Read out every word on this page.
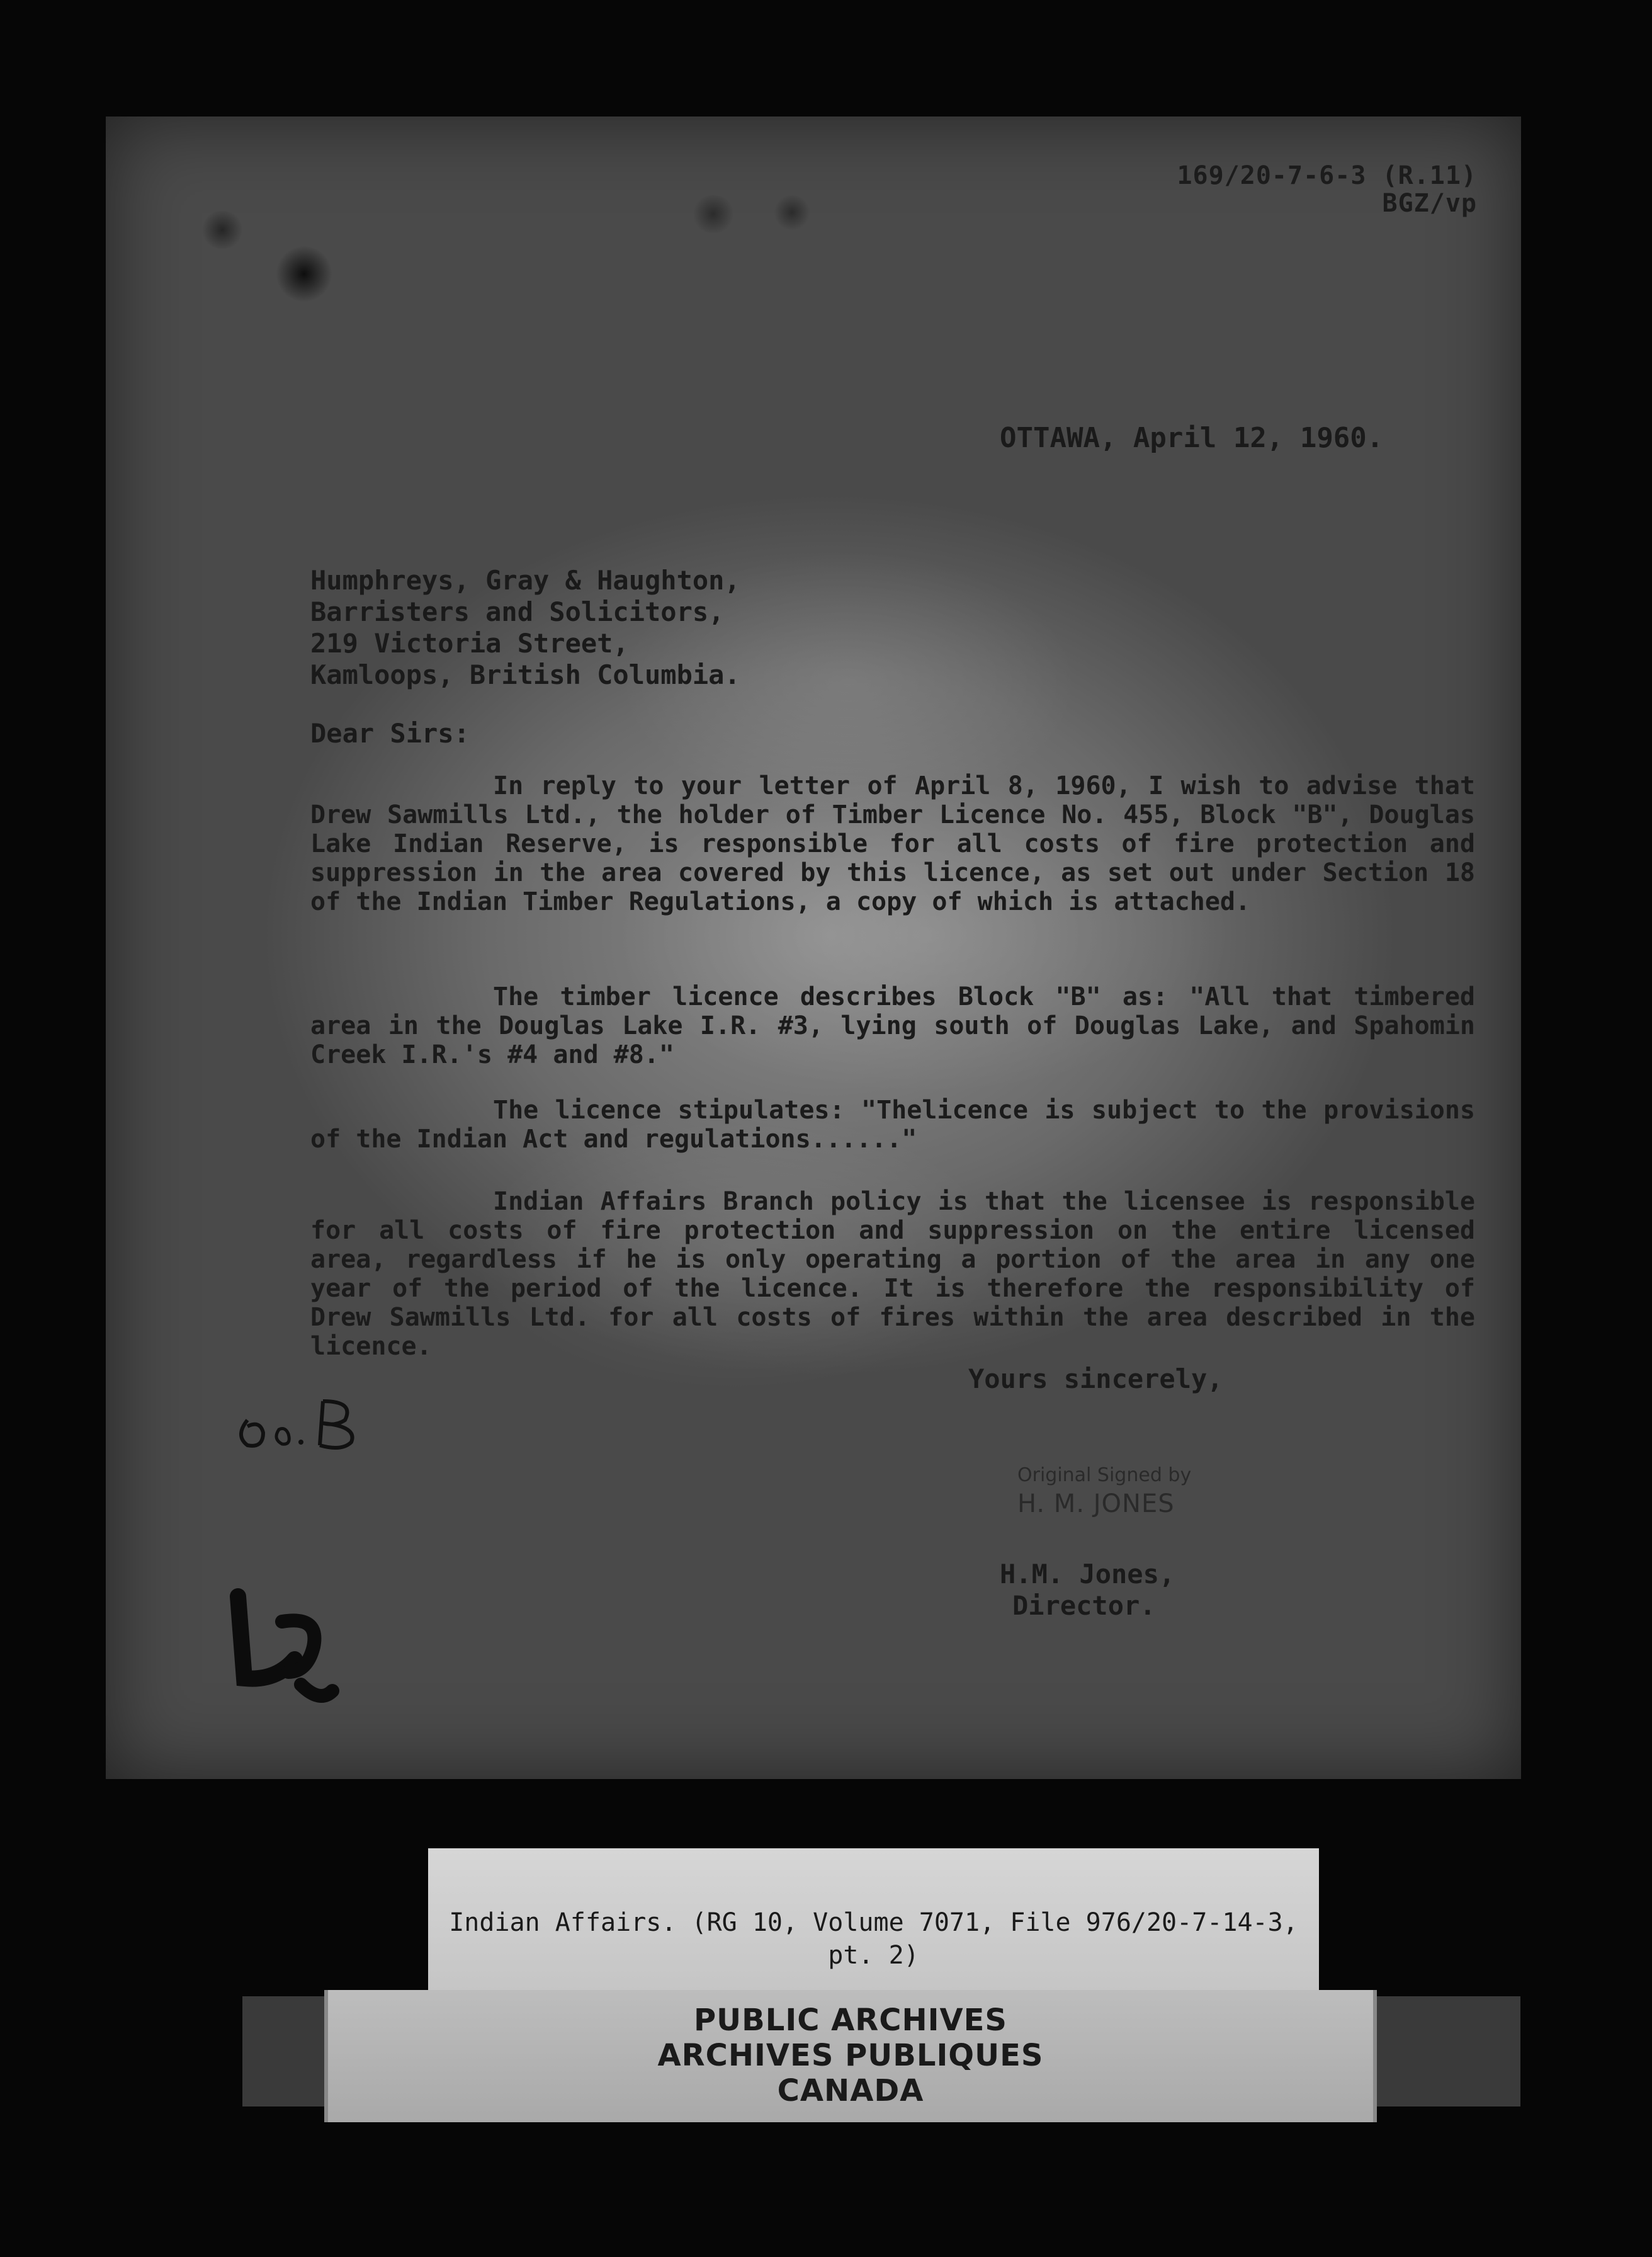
169/20-7-6-3 (R.11)
BGZ/vp
OTTAWA, April 12, 1960.
Humphreys, Gray & Haughton,
Barristers and Solicitors,
219 Victoria Street,
Kamloops, British Columbia.
Dear Sirs:

In reply to your letter of April 8, 1960, I wish to advise that Drew Sawmills Ltd., the holder of Timber Licence No. 455, Block "B", Douglas Lake Indian Reserve, is responsible for all costs of fire protection and suppression in the area covered by this licence, as set out under Section 18 of the Indian Timber Regulations, a copy of which is attached.

The timber licence describes Block "B" as: "All that timbered area in the Douglas Lake I.R. #3, lying south of Douglas Lake, and Spahomin Creek I.R.'s #4 and #8."

The licence stipulates: "Thelicence is subject to the provisions of the Indian Act and regulations......"

Indian Affairs Branch policy is that the licensee is responsible for all costs of fire protection and suppression on the entire licensed area, regardless if he is only operating a portion of the area in any one year of the period of the licence. It is therefore the responsibility of Drew Sawmills Ltd. for all costs of fires within the area described in the licence.

Yours sincerely,
Original Signed by
H. M. JONES
H.M. Jones,
Director.
Indian Affairs. (RG 10, Volume 7071, File 976/20-7-14-3,
pt. 2)
PUBLIC ARCHIVES
ARCHIVES PUBLIQUES
CANADA
